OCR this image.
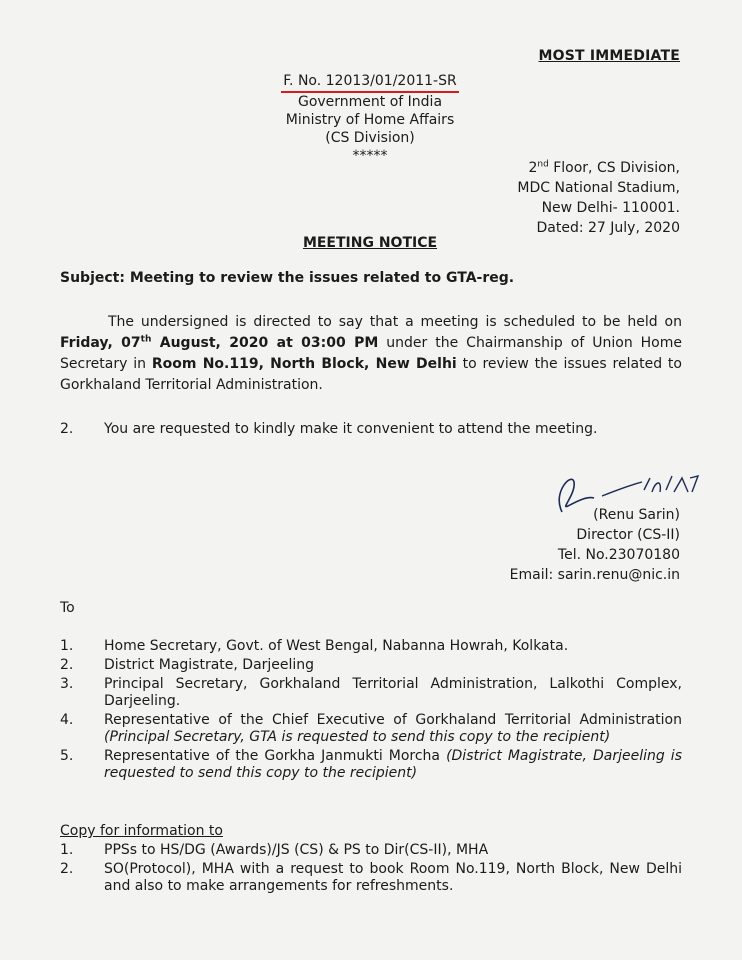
MOST IMMEDIATE
F. No. 12013/01/2011-SR
Government of India
Ministry of Home Affairs
(CS Division)
*****
2nd Floor, CS Division,
MDC National Stadium,
New Delhi- 110001.
Dated: 27 July, 2020
MEETING NOTICE
Subject: Meeting to review the issues related to GTA-reg.
The undersigned is directed to say that a meeting is scheduled to be held on Friday, 07th August, 2020 at 03:00 PM under the Chairmanship of Union Home Secretary in Room No.119, North Block, New Delhi to review the issues related to Gorkhaland Territorial Administration.
2. You are requested to kindly make it convenient to attend the meeting.
(Renu Sarin)
Director (CS-II)
Tel. No.23070180
Email: sarin.renu@nic.in
To
1.	Home Secretary, Govt. of West Bengal, Nabanna Howrah, Kolkata.
2.	District Magistrate, Darjeeling
3.	Principal Secretary, Gorkhaland Territorial Administration, Lalkothi Complex, Darjeeling.
4.	Representative of the Chief Executive of Gorkhaland Territorial Administration (Principal Secretary, GTA is requested to send this copy to the recipient)
5.	Representative of the Gorkha Janmukti Morcha (District Magistrate, Darjeeling is requested to send this copy to the recipient)
Copy for information to
1.	PPSs to HS/DG (Awards)/JS (CS) & PS to Dir(CS-II), MHA
2.	SO(Protocol), MHA with a request to book Room No.119, North Block, New Delhi and also to make arrangements for refreshments.
